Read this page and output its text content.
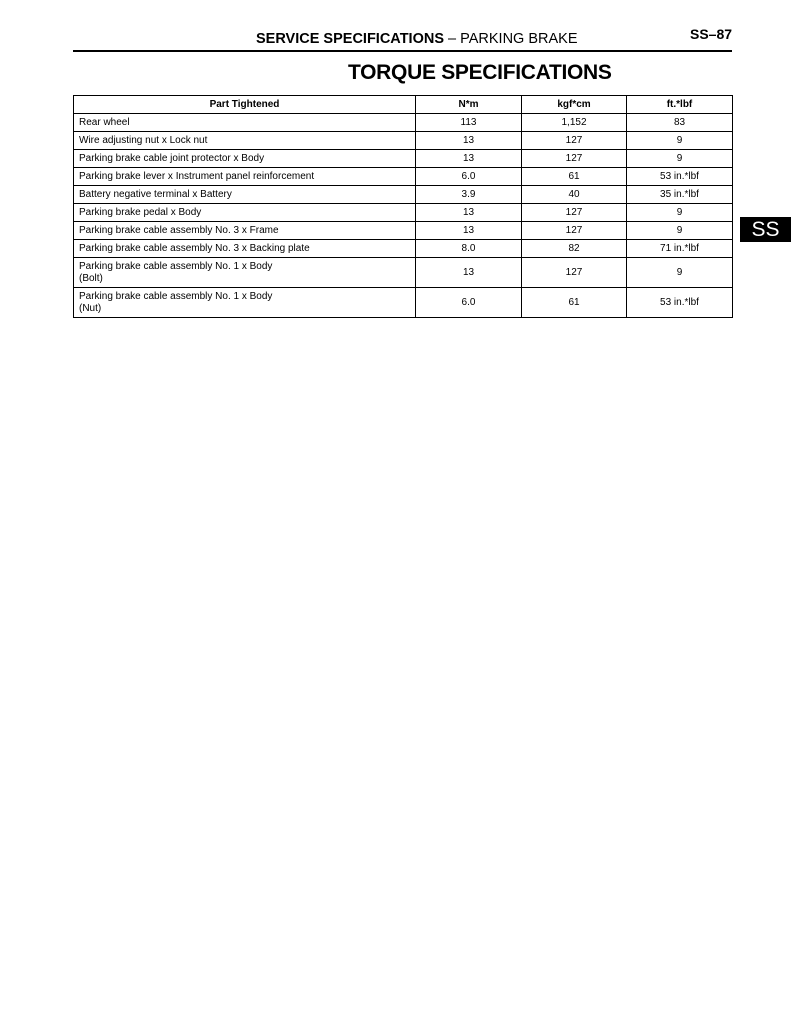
SERVICE SPECIFICATIONS – PARKING BRAKE	SS–87
TORQUE SPECIFICATIONS
Part Tightened	N*m	kgf*cm	ft.*lbf
Rear wheel	113	1,152	83
Wire adjusting nut x Lock nut	13	127	9
Parking brake cable joint protector x Body	13	127	9
Parking brake lever x Instrument panel reinforcement	6.0	61	53 in.*lbf
Battery negative terminal x Battery	3.9	40	35 in.*lbf
Parking brake pedal x Body	13	127	9
Parking brake cable assembly No. 3 x Frame	13	127	9
Parking brake cable assembly No. 3 x Backing plate	8.0	82	71 in.*lbf
Parking brake cable assembly No. 1 x Body
(Bolt)	13	127	9
Parking brake cable assembly No. 1 x Body
(Nut)	6.0	61	53 in.*lbf
SS
